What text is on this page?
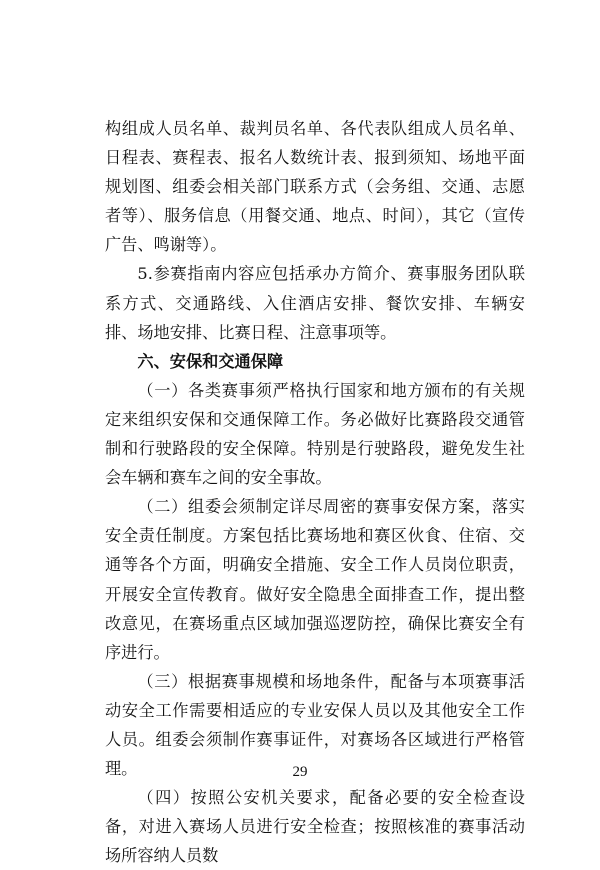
构组成人员名单、裁判员名单、各代表队组成人员名单、日程表、赛程表、报名人数统计表、报到须知、场地平面规划图、组委会相关部门联系方式（会务组、交通、志愿者等）、服务信息（用餐交通、地点、时间），其它（宣传广告、鸣谢等）。

5.参赛指南内容应包括承办方简介、赛事服务团队联系方式、交通路线、入住酒店安排、餐饮安排、车辆安排、场地安排、比赛日程、注意事项等。

六、安保和交通保障

（一）各类赛事须严格执行国家和地方颁布的有关规定来组织安保和交通保障工作。务必做好比赛路段交通管制和行驶路段的安全保障。特别是行驶路段，避免发生社会车辆和赛车之间的安全事故。

（二）组委会须制定详尽周密的赛事安保方案，落实安全责任制度。方案包括比赛场地和赛区伙食、住宿、交通等各个方面，明确安全措施、安全工作人员岗位职责，开展安全宣传教育。做好安全隐患全面排查工作，提出整改意见，在赛场重点区域加强巡逻防控，确保比赛安全有序进行。

（三）根据赛事规模和场地条件，配备与本项赛事活动安全工作需要相适应的专业安保人员以及其他安全工作人员。组委会须制作赛事证件，对赛场各区域进行严格管理。

（四）按照公安机关要求，配备必要的安全检查设备，对进入赛场人员进行安全检查；按照核准的赛事活动场所容纳人员数

29
